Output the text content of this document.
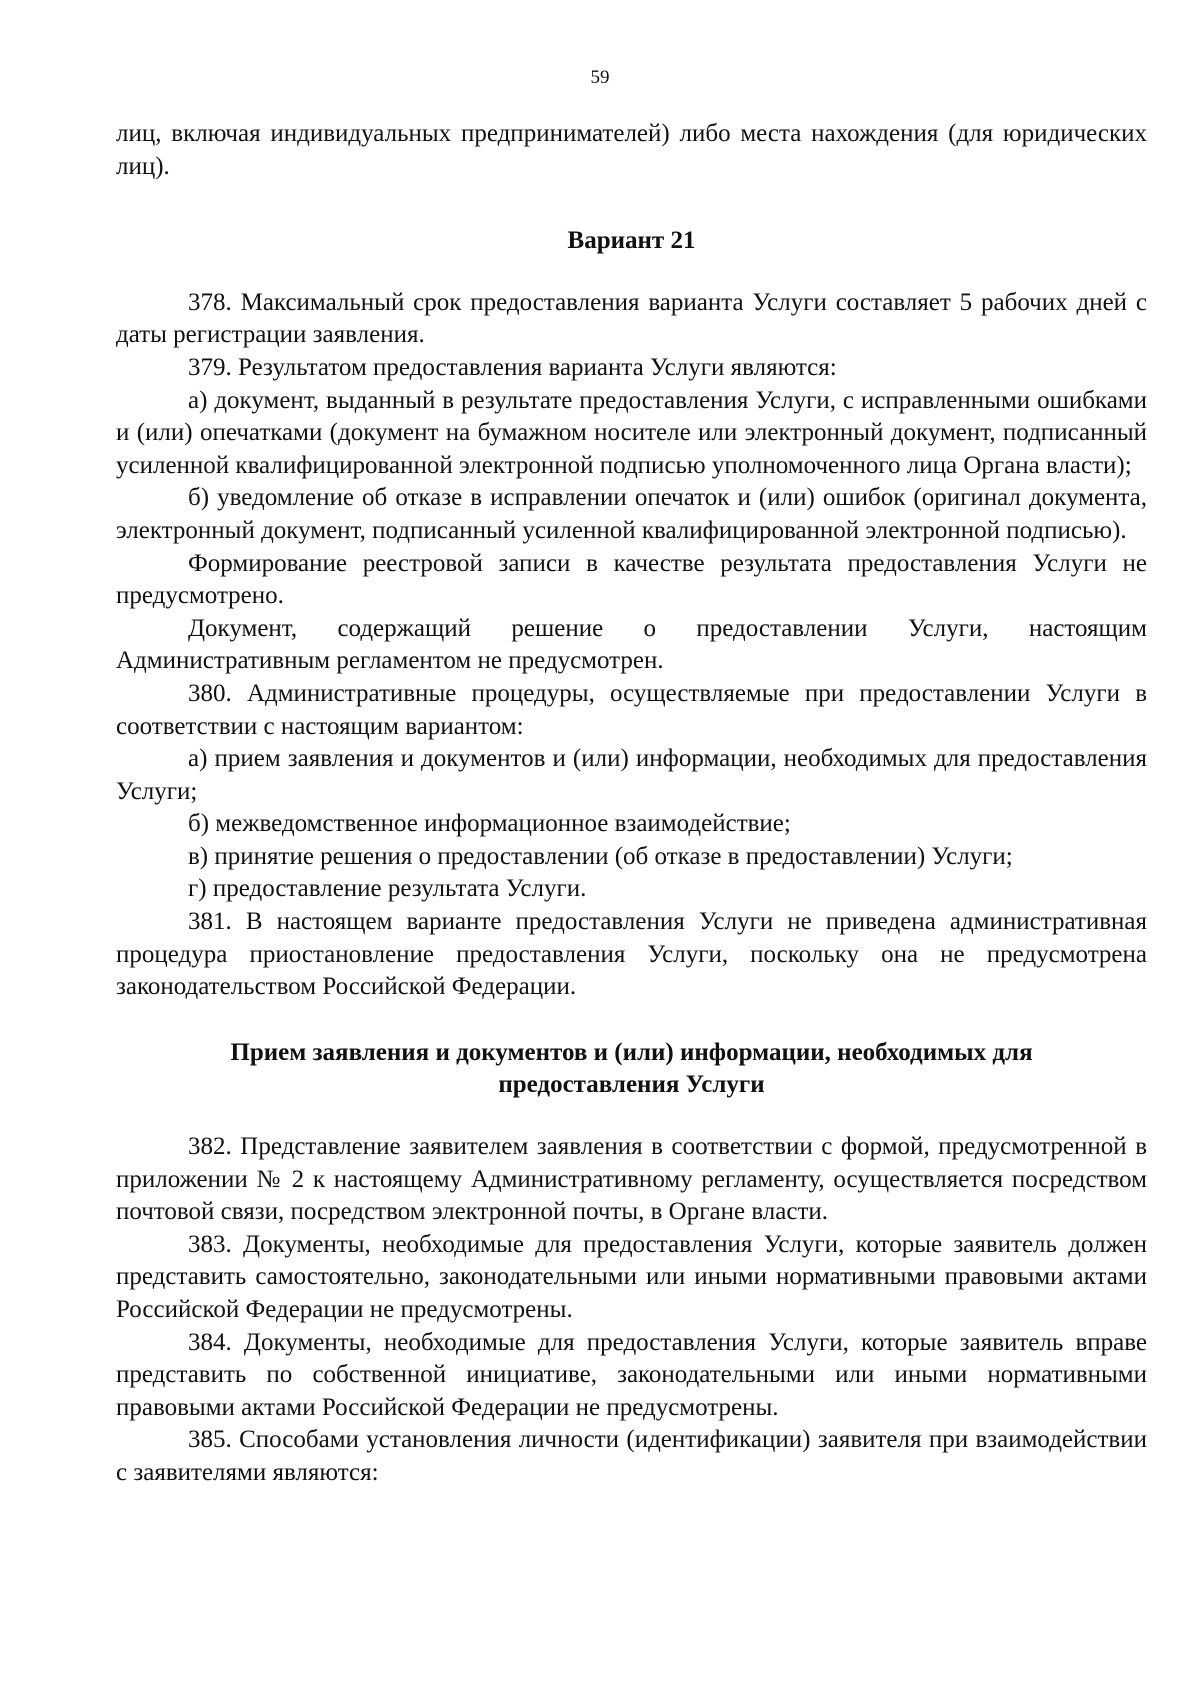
59

лиц, включая индивидуальных предпринимателей) либо места нахождения (для юридических лиц).

Вариант 21

378. Максимальный срок предоставления варианта Услуги составляет 5 рабочих дней с даты регистрации заявления.

379. Результатом предоставления варианта Услуги являются:

а) документ, выданный в результате предоставления Услуги, с исправленными ошибками и (или) опечатками (документ на бумажном носителе или электронный документ, подписанный усиленной квалифицированной электронной подписью уполномоченного лица Органа власти);

б) уведомление об отказе в исправлении опечаток и (или) ошибок (оригинал документа, электронный документ, подписанный усиленной квалифицированной электронной подписью).

Формирование реестровой записи в качестве результата предоставления Услуги не предусмотрено.

Документ, содержащий решение о предоставлении Услуги, настоящим Административным регламентом не предусмотрен.

380. Административные процедуры, осуществляемые при предоставлении Услуги в соответствии с настоящим вариантом:

а) прием заявления и документов и (или) информации, необходимых для предоставления Услуги;

б) межведомственное информационное взаимодействие;

в) принятие решения о предоставлении (об отказе в предоставлении) Услуги;

г) предоставление результата Услуги.

381. В настоящем варианте предоставления Услуги не приведена административная процедура приостановление предоставления Услуги, поскольку она не предусмотрена законодательством Российской Федерации.

Прием заявления и документов и (или) информации, необходимых для
предоставления Услуги

382. Представление заявителем заявления в соответствии с формой, предусмотренной в приложении № 2 к настоящему Административному регламенту, осуществляется посредством почтовой связи, посредством электронной почты, в Органе власти.

383. Документы, необходимые для предоставления Услуги, которые заявитель должен представить самостоятельно, законодательными или иными нормативными правовыми актами Российской Федерации не предусмотрены.

384. Документы, необходимые для предоставления Услуги, которые заявитель вправе представить по собственной инициативе, законодательными или иными нормативными правовыми актами Российской Федерации не предусмотрены.

385. Способами установления личности (идентификации) заявителя при взаимодействии с заявителями являются:
